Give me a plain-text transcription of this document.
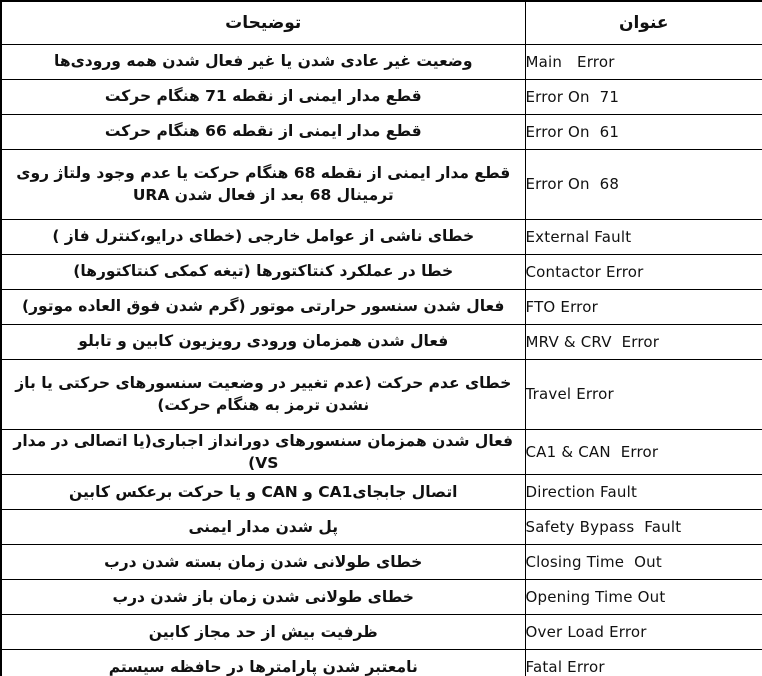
توضیحات	عنوان
وضعیت غیر عادی شدن یا غیر فعال شدن همه ورودی‌ها	Main   Error
قطع مدار ایمنی از نقطه 71 هنگام حرکت	Error On  71
قطع مدار ایمنی از نقطه 66 هنگام حرکت	Error On  61
قطع مدار ایمنی از نقطه 68 هنگام حرکت یا عدم وجود ولتاژ روی ترمینال 68 بعد از فعال شدن URA	Error On  68
خطای ناشی از عوامل خارجی (خطای درایو،کنترل فاز )	External Fault
خطا در عملکرد کنتاکتورها (تیغه کمکی کنتاکتورها)	Contactor Error
فعال شدن سنسور حرارتی موتور (گرم شدن فوق العاده موتور)	FTO Error
فعال شدن همزمان ورودی رویزیون کابین و تابلو	MRV & CRV  Error
خطای عدم حرکت (عدم تغییر در وضعیت سنسورهای حرکتی یا باز نشدن ترمز به هنگام حرکت)	Travel Error
فعال شدن همزمان سنسورهای دورانداز اجباری(یا اتصالی در مدار VS)	CA1 & CAN  Error
اتصال جابجایCA1 و CAN و یا حرکت برعکس کابین	Direction Fault
پل شدن مدار ایمنی	Safety Bypass  Fault
خطای طولانی شدن زمان بسته شدن درب	Closing Time  Out
خطای طولانی شدن زمان باز شدن درب	Opening Time Out
ظرفیت بیش از حد مجاز کابین	Over Load Error
نامعتبر شدن پارامترها در حافظه سیستم	Fatal Error
